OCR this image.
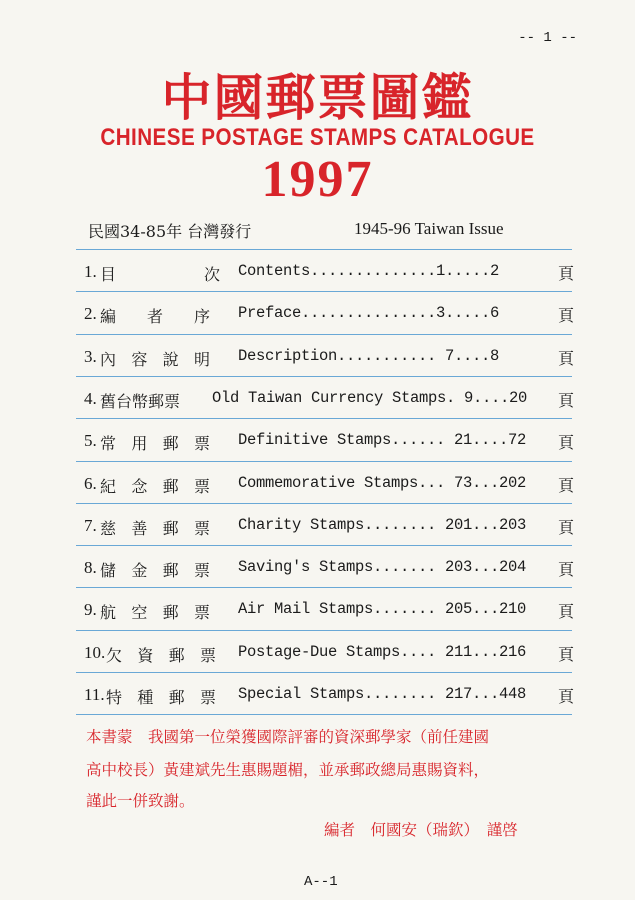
-- 1 --
中國郵票圖鑑
CHINESE POSTAGE STAMPS CATALOGUE
1997
民國34-85年 台灣發行	1945-96 Taiwan Issue
1. 目	次 Contents..............1.....2	頁
2. 編 者 序 Preface...............3.....6	頁
3. 內 容 說 明 Description........... 7....8	頁
4. 舊台幣郵票 Old Taiwan Currency Stamps. 9....20 頁
5. 常 用 郵 票 Definitive Stamps...... 21....72 頁
6. 紀 念 郵 票 Commemorative Stamps... 73...202 頁
7. 慈 善 郵 票 Charity Stamps........ 201...203 頁
8. 儲 金 郵 票 Saving's Stamps....... 203...204 頁
9. 航 空 郵 票 Air Mail Stamps....... 205...210 頁
10. 欠 資 郵 票 Postage-Due Stamps.... 211...216 頁
11. 特 種 郵 票 Special Stamps........ 217...448 頁
本書蒙　我國第一位榮獲國際評審的資深郵學家（前任建國
高中校長）黃建斌先生惠賜題楣，並承郵政總局惠賜資料，
謹此一併致謝。
編者　何國安（瑞欽）　謹啓
A--1
